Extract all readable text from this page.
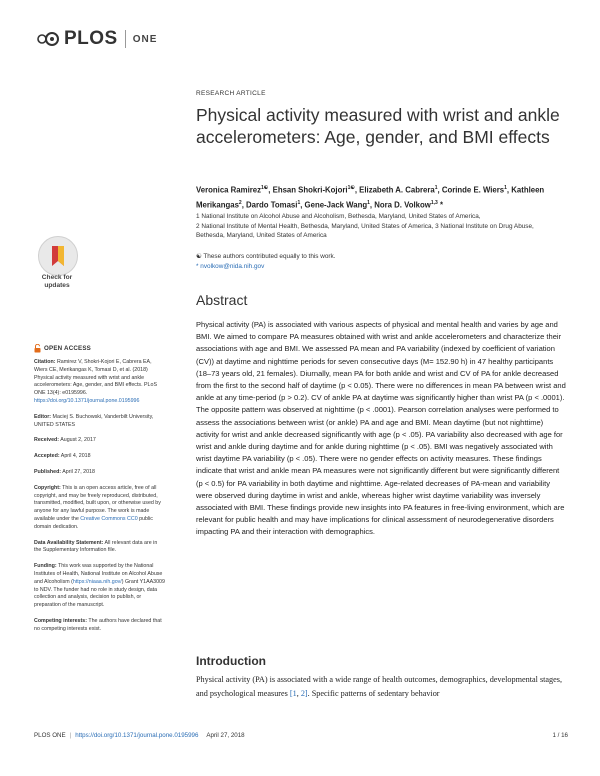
PLOS ONE
RESEARCH ARTICLE
Physical activity measured with wrist and ankle accelerometers: Age, gender, and BMI effects
Veronica Ramirez$^{1☯}$, Ehsan Shokri-Kojori$^{1☯}$, Elizabeth A. Cabrera$^1$, Corinde E. Wiers$^1$, Kathleen Merikangas$^2$, Dardo Tomasi$^1$, Gene-Jack Wang$^1$, Nora D. Volkow$^{1,3}$ *
1 National Institute on Alcohol Abuse and Alcoholism, Bethesda, Maryland, United States of America,
2 National Institute of Mental Health, Bethesda, Maryland, United States of America, 3 National Institute on Drug Abuse, Bethesda, Maryland, United States of America
☯ These authors contributed equally to this work.
* nvolkow@nida.nih.gov
Abstract

Physical activity (PA) is associated with various aspects of physical and mental health and varies by age and BMI. We aimed to compare PA measures obtained with wrist and ankle accelerometers and characterize their associations with age and BMI. We assessed PA mean and PA variability (indexed by coefficient of variation (CV)) at daytime and nighttime periods for seven consecutive days (M= 152.90 h) in 47 healthy participants (18–73 years old, 21 females). Diurnally, mean PA for both ankle and wrist and CV of PA for ankle decreased from the first to the second half of daytime (p < 0.05). There were no differences in mean PA between wrist and ankle at any time-period (p > 0.2). CV of ankle PA at daytime was significantly higher than wrist PA (p < .0001). The opposite pattern was observed at nighttime (p < .0001). Pearson correlation analyses were performed to assess the associations between wrist (or ankle) PA and age and BMI. Mean daytime (but not nighttime) activity for wrist and ankle decreased significantly with age (p < .05). PA variability also decreased with age for wrist and ankle during daytime and for ankle during nighttime (p < .05). BMI was negatively associated with wrist daytime PA variability (p < .05). There were no gender effects on activity measures. These findings indicate that wrist and ankle mean PA measures were not significantly different but were significantly different (p < 0.5) for PA variability in both daytime and nighttime. Age-related decreases of PA-mean and variability were observed during daytime in wrist and ankle, whereas higher wrist daytime variability was inversely associated with BMI. These findings provide new insights into PA features in free-living environment, which are relevant for public health and may have implications for clinical assessment of neurodegenerative disorders impacting PA and their interaction with demographics.

Introduction

Physical activity (PA) is associated with a wide range of health outcomes, demographics, developmental stages, and psychological measures [1, 2]. Specific patterns of sedentary behavior

Check for
updates
OPEN ACCESS
Citation: Ramirez V, Shokri-Kojori E, Cabrera EA, Wiers CE, Merikangas K, Tomasi D, et al. (2018) Physical activity measured with wrist and ankle accelerometers: Age, gender, and BMI effects. PLoS ONE 13(4): e0195996. https://doi.org/10.1371/journal.pone.0195996
Editor: Maciej S. Buchowski, Vanderbilt University, UNITED STATES
Received: August 2, 2017
Accepted: April 4, 2018
Published: April 27, 2018
Copyright: This is an open access article, free of all copyright, and may be freely reproduced, distributed, transmitted, modified, built upon, or otherwise used by anyone for any lawful purpose. The work is made available under the Creative Commons CC0 public domain dedication.
Data Availability Statement: All relevant data are in the Supplementary Information file.
Funding: This work was supported by the National Institutes of Health, National Institute on Alcohol Abuse and Alcoholism (https://niaaa.nih.gov/) Grant Y1AA3009 to NDV. The funder had no role in study design, data collection and analysis, decision to publish, or preparation of the manuscript.
Competing interests: The authors have declared that no competing interests exist.
PLOS ONE | https://doi.org/10.1371/journal.pone.0195996 April 27, 2018	1 / 16
